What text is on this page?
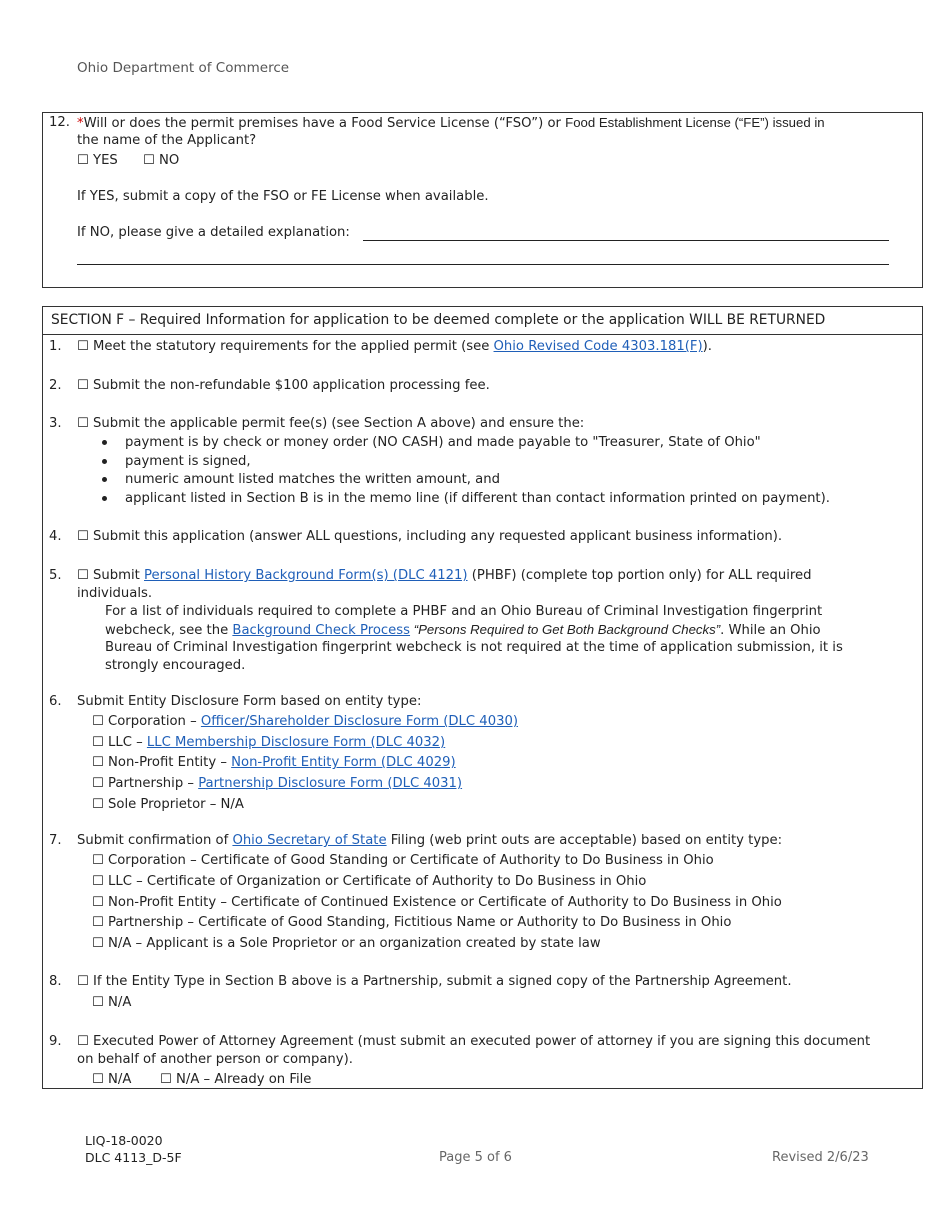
Ohio Department of Commerce
12. *Will or does the permit premises have a Food Service License (“FSO”) or Food Establishment License (“FE”) issued in
the name of the Applicant?
☐ YES ☐ NO
If YES, submit a copy of the FSO or FE License when available.
If NO, please give a detailed explanation:
SECTION F – Required Information for application to be deemed complete or the application WILL BE RETURNED
1. ☐ Meet the statutory requirements for the applied permit (see Ohio Revised Code 4303.181(F)).
2. ☐ Submit the non-refundable $100 application processing fee.
3. ☐ Submit the applicable permit fee(s) (see Section A above) and ensure the:
payment is by check or money order (NO CASH) and made payable to "Treasurer, State of Ohio"
payment is signed,
numeric amount listed matches the written amount, and
applicant listed in Section B is in the memo line (if different than contact information printed on payment).
4. ☐ Submit this application (answer ALL questions, including any requested applicant business information).
5. ☐ Submit Personal History Background Form(s) (DLC 4121) (PHBF) (complete top portion only) for ALL required
individuals.
For a list of individuals required to complete a PHBF and an Ohio Bureau of Criminal Investigation fingerprint
webcheck, see the Background Check Process “Persons Required to Get Both Background Checks”. While an Ohio
Bureau of Criminal Investigation fingerprint webcheck is not required at the time of application submission, it is
strongly encouraged.
6. Submit Entity Disclosure Form based on entity type:
☐ Corporation – Officer/Shareholder Disclosure Form (DLC 4030)
☐ LLC – LLC Membership Disclosure Form (DLC 4032)
☐ Non-Profit Entity – Non-Profit Entity Form (DLC 4029)
☐ Partnership – Partnership Disclosure Form (DLC 4031)
☐ Sole Proprietor – N/A
7. Submit confirmation of Ohio Secretary of State Filing (web print outs are acceptable) based on entity type:
☐ Corporation – Certificate of Good Standing or Certificate of Authority to Do Business in Ohio
☐ LLC – Certificate of Organization or Certificate of Authority to Do Business in Ohio
☐ Non-Profit Entity – Certificate of Continued Existence or Certificate of Authority to Do Business in Ohio
☐ Partnership – Certificate of Good Standing, Fictitious Name or Authority to Do Business in Ohio
☐ N/A – Applicant is a Sole Proprietor or an organization created by state law
8. ☐ If the Entity Type in Section B above is a Partnership, submit a signed copy of the Partnership Agreement.
☐ N/A
9. ☐ Executed Power of Attorney Agreement (must submit an executed power of attorney if you are signing this document
on behalf of another person or company).
☐ N/A ☐ N/A – Already on File
LIQ-18-0020
DLC 4113_D-5F	Page 5 of 6	Revised 2/6/23
